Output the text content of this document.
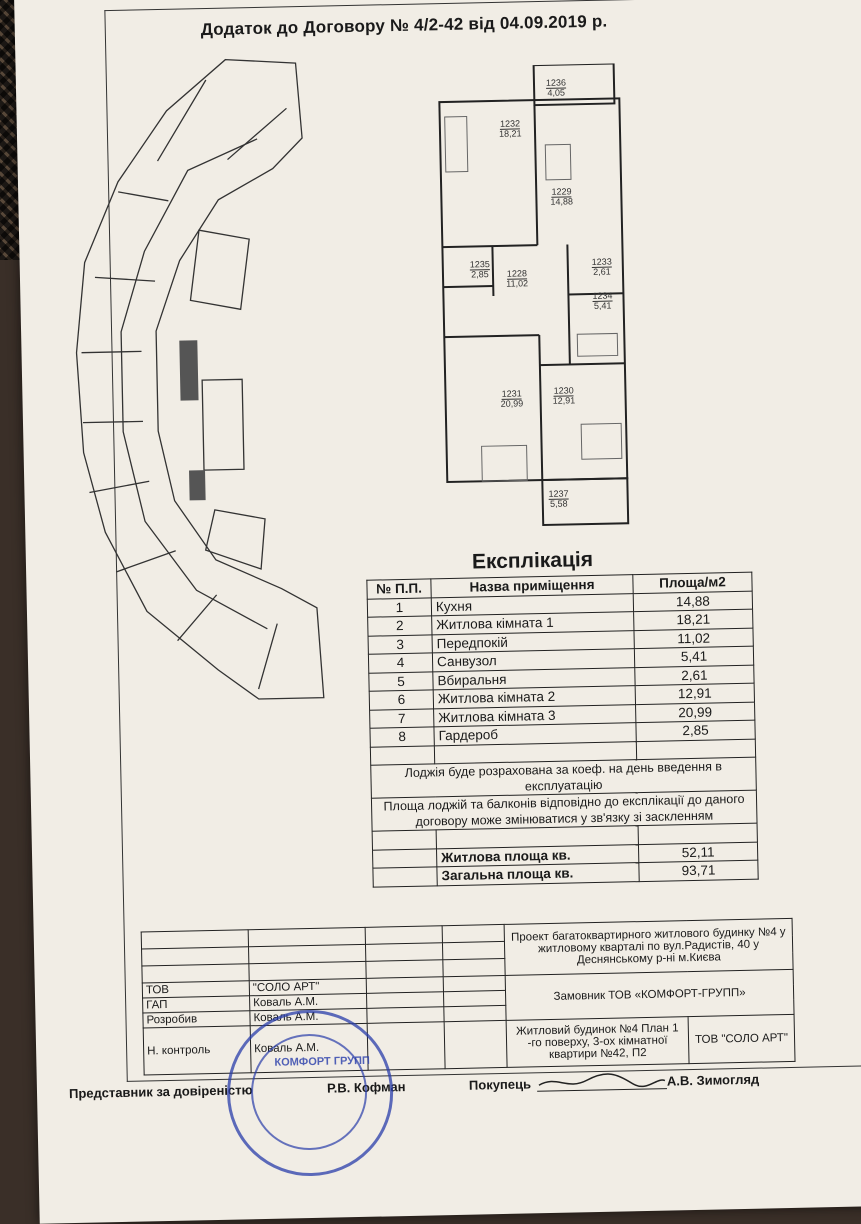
Додаток до Договору № 4/2-42 від 04.09.2019 р.
1236
4,05
1232
18,21
1229
14,88
1235
2,85 1228
11,02
1231
20,99
1230
12,91
1237
5,58
1234
5,41
1233
2,61
Експлікація
№ П.П.	Назва приміщення	Площа/м2
1	Кухня	14,88
2	Житлова кімната 1	18,21
3	Передпокій	11,02
4	Санвузол	5,41
5	Вбиральня	2,61
6	Житлова кімната 2	12,91
7	Житлова кімната 3	20,99
8	Гардероб	2,85

Лоджія буде розрахована за коеф. на день введення в експлуатацію		
Площа лоджій та балконів відповідно до експлікації до даного договору може змінюватися у зв'язку зі заскленням		

	Житлова площа кв.	52,11
	Загальна площа кв.	93,71
				Проект багатоквартирного житлового будинку №4 у житловому кварталі по вул.Радистів, 40 у Деснянському р-ні м.Києва	

ТОВ	"СОЛО АРТ"			Замовник ТОВ «КОМФОРТ-ГРУПП»	
ГАП	Коваль А.М.				
Розробив	Коваль А.М.				
Н. контроль	Коваль А.М.			Житловий будинок №4 План 1 -го поверху, 3-ох кімнатної квартири №42, П2	ТОВ "СОЛО АРТ"
Представник за довіреністю	Р.В. Кофман	Покупець	А.В. Зимогляд
КОМФОРТ ГРУПП
